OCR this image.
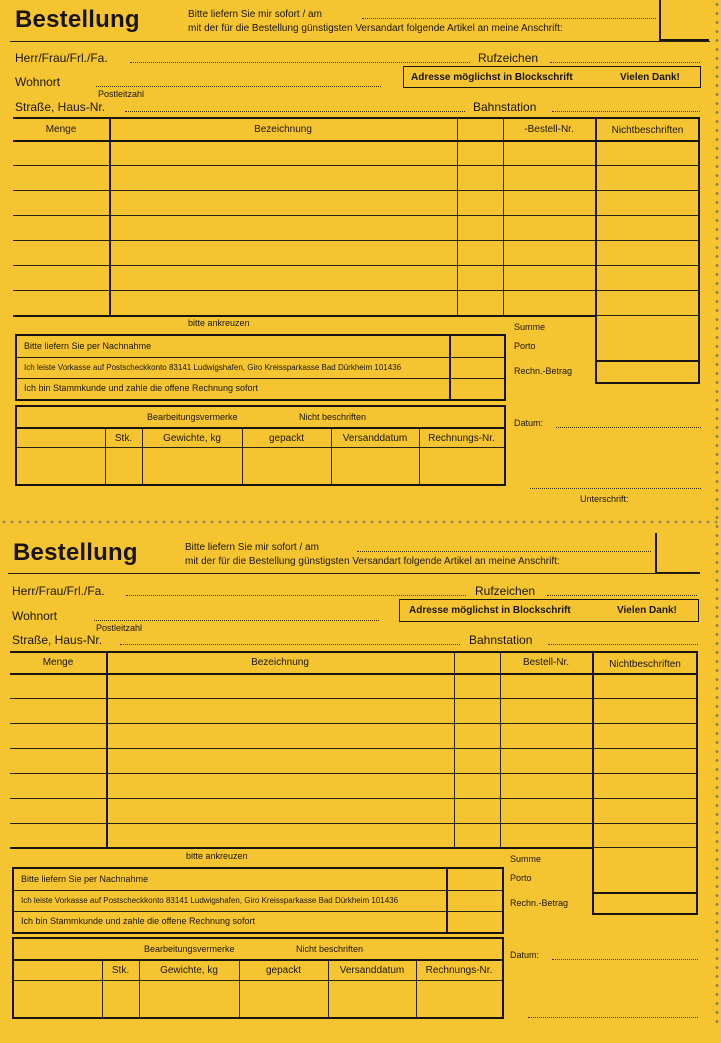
Bestellung	Bitte liefern Sie mir sofort / am
mit der für die Bestellung günstigsten Versandart folgende Artikel an meine Anschrift:
Herr/Frau/Frl./Fa.	Rufzeichen
Wohnort	Adresse möglichst in Blockschrift	Vielen Dank!
Postleitzahl
Straße, Haus-Nr.	Bahnstation
Menge	Bezeichnung	-Bestell-Nr.	Nichtbeschriften
bitte ankreuzen	Summe
Porto
Rechn.-Betrag
Bitte liefern Sie per Nachnahme
Ich leiste Vorkasse auf Postscheckkonto 83141 Ludwigshafen, Giro Kreissparkasse Bad Dürkheim 101436
Ich bin Stammkunde und zahle die offene Rechnung sofort
Bearbeitungsvermerke	Nicht beschriften
Stk.	Gewichte, kg	gepackt	Versanddatum	Rechnungs-Nr.
Datum:
Unterschrift:
Bestellung	Bitte liefern Sie mir sofort / am
mit der für die Bestellung günstigsten Versandart folgende Artikel an meine Anschrift:
Herr/Frau/Frl./Fa.	Rufzeichen
Wohnort	Adresse möglichst in Blockschrift	Vielen Dank!
Postleitzahl
Straße, Haus-Nr.	Bahnstation
Menge	Bezeichnung	Bestell-Nr.	Nichtbeschriften
bitte ankreuzen	Summe
Porto
Rechn.-Betrag
Bitte liefern Sie per Nachnahme
Ich leiste Vorkasse auf Postscheckkonto 83141 Ludwigshafen, Giro Kreissparkasse Bad Dürkheim 101436
Ich bin Stammkunde und zahle die offene Rechnung sofort
Bearbeitungsvermerke	Nicht beschriften
Stk.	Gewichte, kg	gepackt	Versanddatum	Rechnungs-Nr.
Datum:
